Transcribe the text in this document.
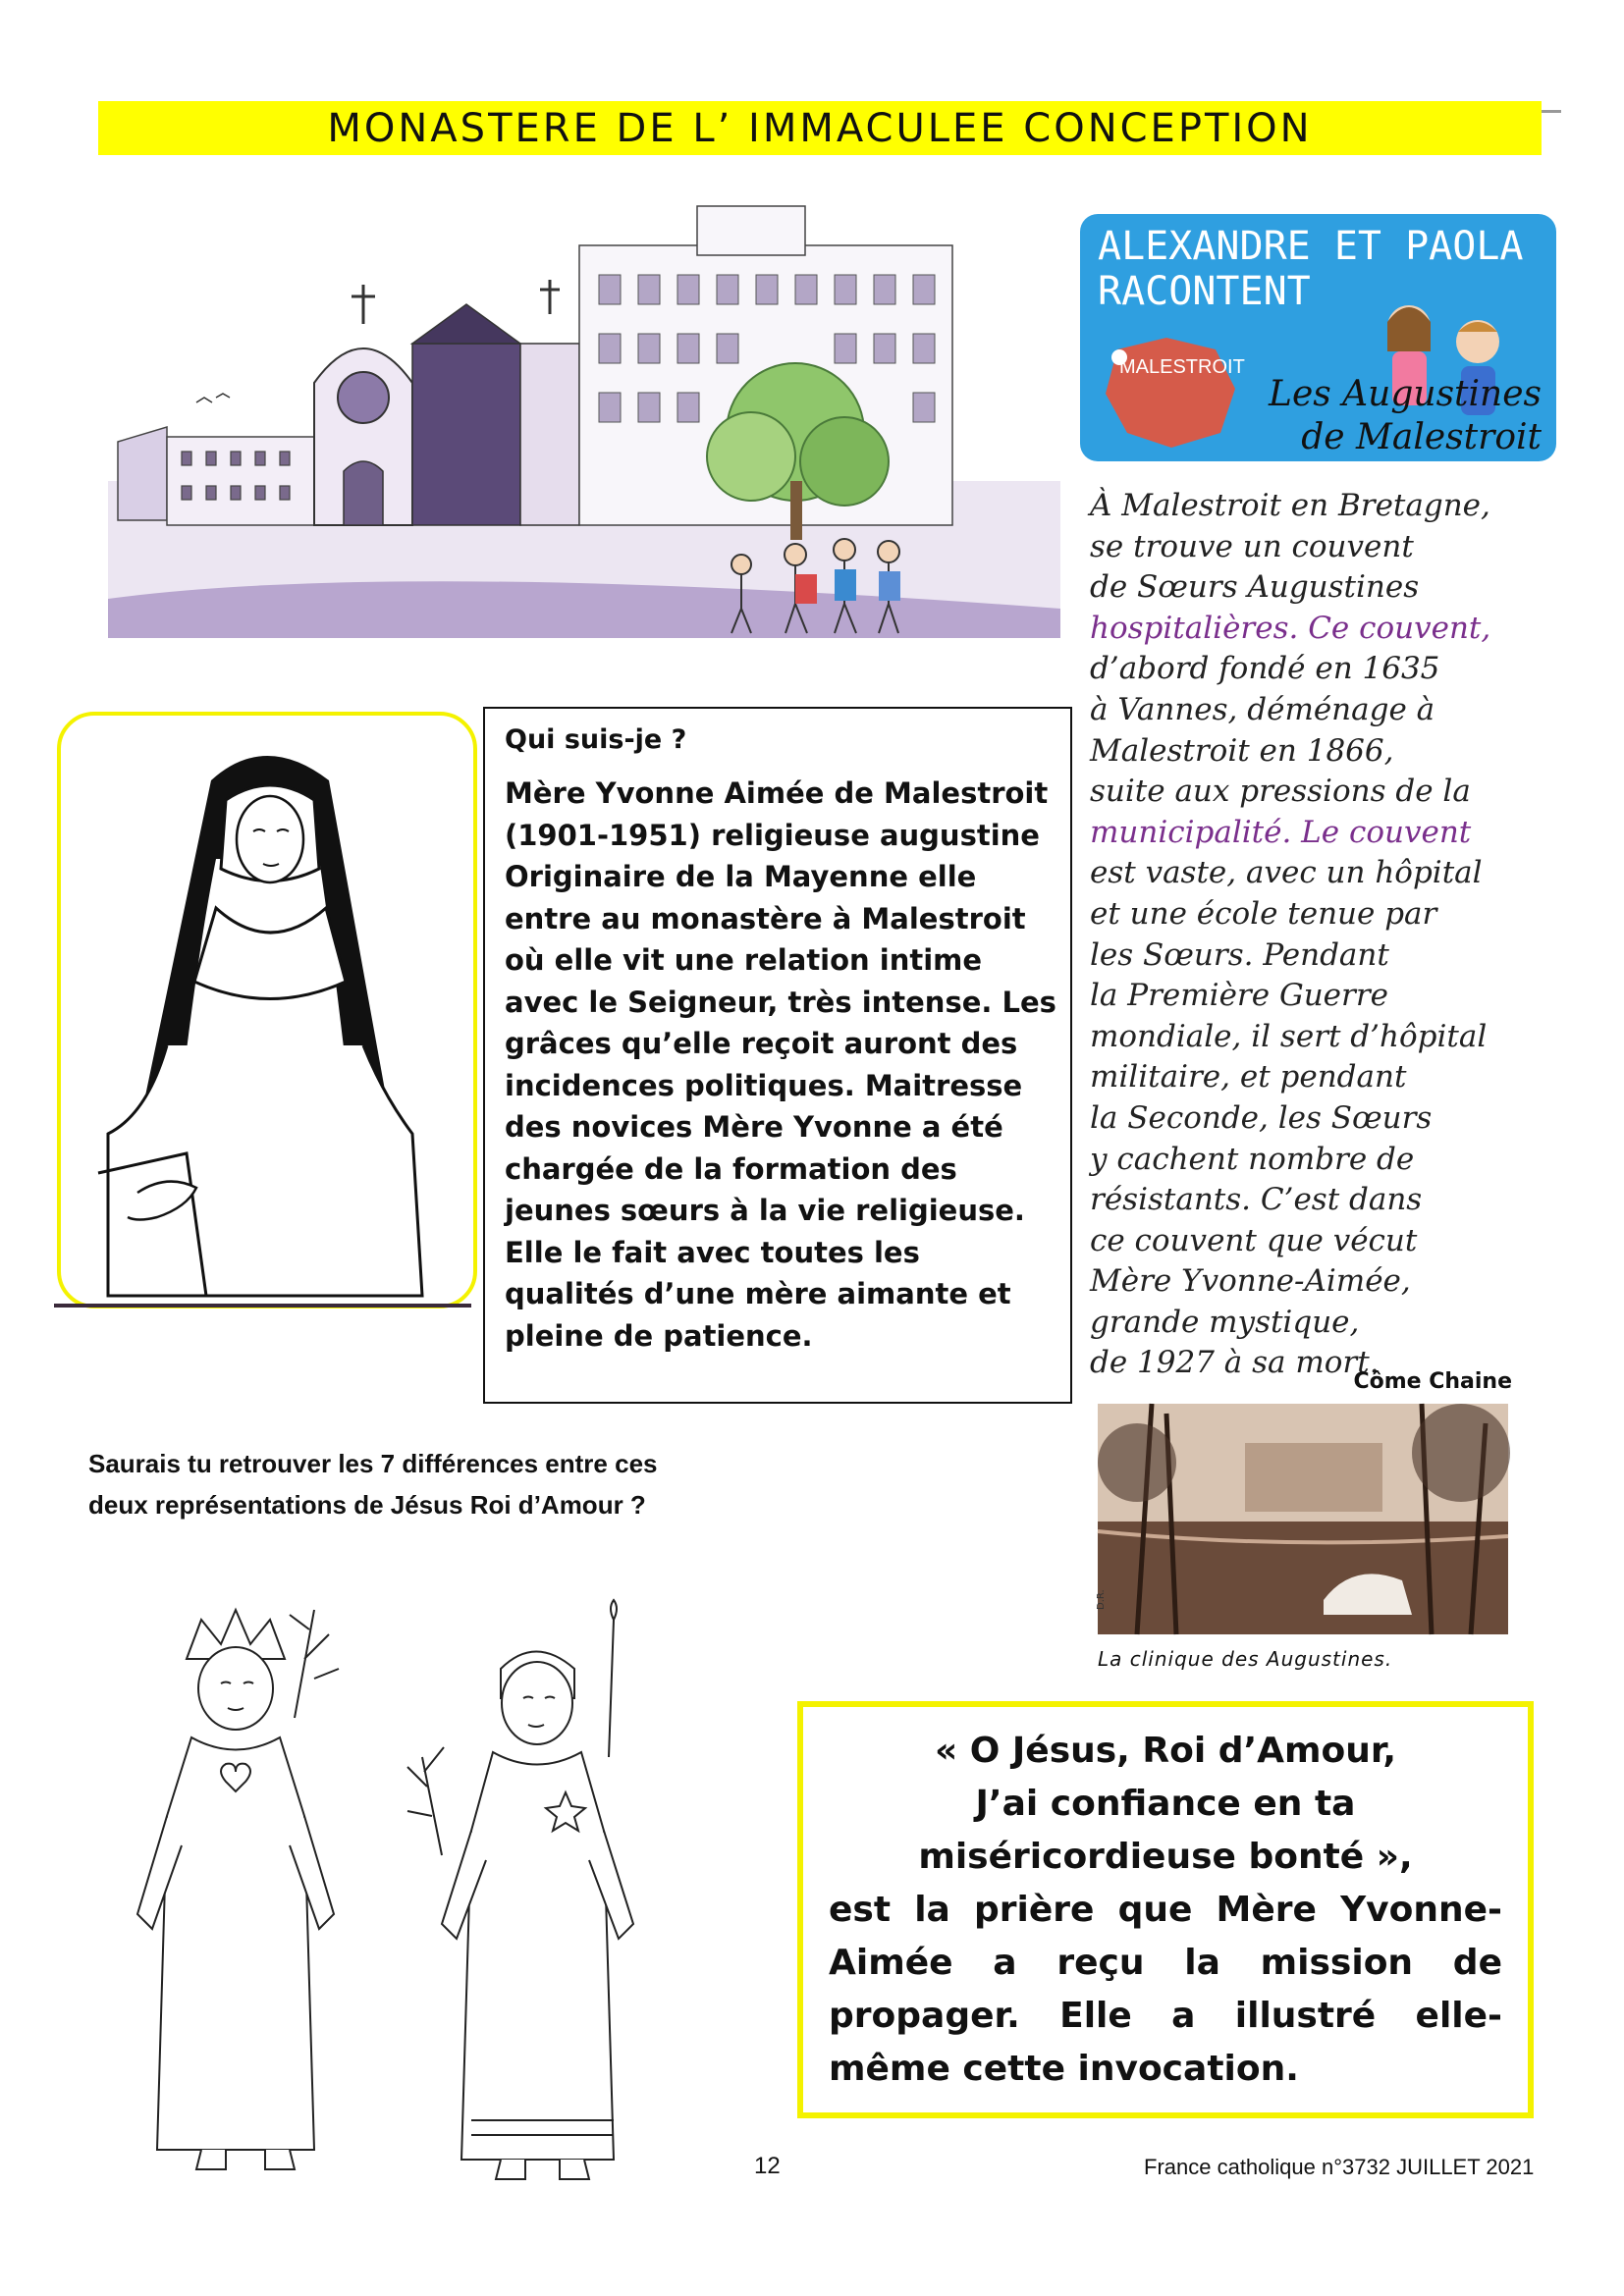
MONASTERE DE L’ IMMACULEE CONCEPTION
ALEXANDRE ET PAOLA
RACONTENT
MALESTROIT
Les Augustines
de Malestroit
À Malestroit en Bretagne,
se trouve un couvent
de Sœurs Augustines
hospitalières. Ce couvent,
d’abord fondé en 1635
à Vannes, déménage à
Malestroit en 1866,
suite aux pressions de la
municipalité. Le couvent
est vaste, avec un hôpital
et une école tenue par
les Sœurs. Pendant
la Première Guerre
mondiale, il sert d’hôpital
militaire, et pendant
la Seconde, les Sœurs
y cachent nombre de
résistants. C’est dans
ce couvent que vécut
Mère Yvonne-Aimée,
grande mystique,
de 1927 à sa mort.
Côme Chaine
D.R.
La clinique des Augustines.
Qui suis-je ?
Mère Yvonne Aimée de Malestroit
(1901-1951) religieuse augustine
Originaire de la Mayenne elle
entre au monastère à Malestroit
où elle vit une relation intime
avec le Seigneur, très intense. Les
grâces qu’elle reçoit auront des
incidences politiques. Maitresse
des novices Mère Yvonne a été
chargée de la formation des
jeunes sœurs à la vie religieuse.
Elle le fait avec toutes les
qualités d’une mère aimante et
pleine de patience.
Saurais tu retrouver les 7 différences entre ces
deux représentations de Jésus Roi d’Amour ?
« O Jésus, Roi d’Amour,
J’ai confiance en ta
miséricordieuse bonté »,
est la prière que Mère Yvonne-
Aimée a reçu la mission de
propager. Elle a illustré elle-
même cette invocation.
12	France catholique n°3732 JUILLET 2021
